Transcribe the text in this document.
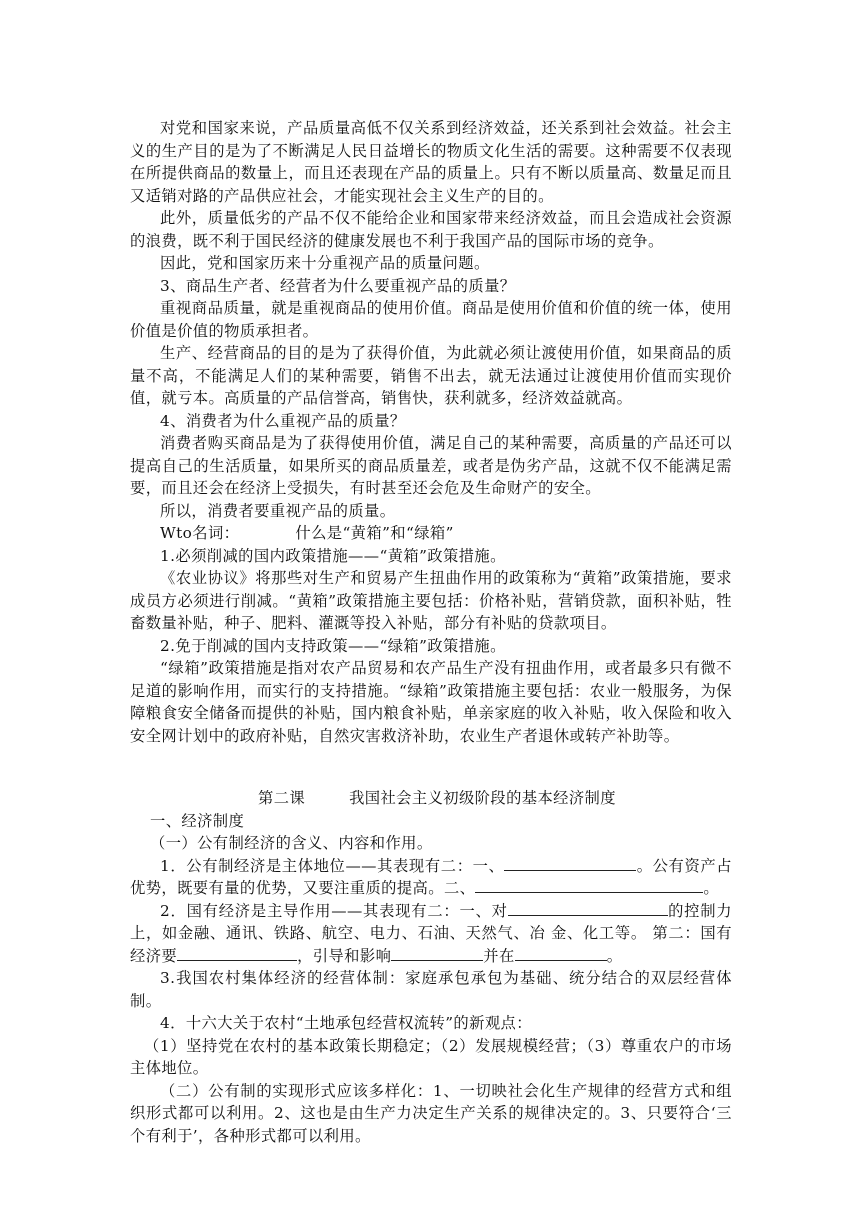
对党和国家来说，产品质量高低不仅关系到经济效益，还关系到社会效益。社会主义的生产目的是为了不断满足人民日益增长的物质文化生活的需要。这种需要不仅表现在所提供商品的数量上，而且还表现在产品的质量上。只有不断以质量高、数量足而且又适销对路的产品供应社会，才能实现社会主义生产的目的。

此外，质量低劣的产品不仅不能给企业和国家带来经济效益，而且会造成社会资源的浪费，既不利于国民经济的健康发展也不利于我国产品的国际市场的竞争。

因此，党和国家历来十分重视产品的质量问题。

3、商品生产者、经营者为什么要重视产品的质量？

重视商品质量，就是重视商品的使用价值。商品是使用价值和价值的统一体，使用价值是价值的物质承担者。

生产、经营商品的目的是为了获得价值，为此就必须让渡使用价值，如果商品的质量不高，不能满足人们的某种需要，销售不出去，就无法通过让渡使用价值而实现价值，就亏本。高质量的产品信誉高，销售快，获利就多，经济效益就高。

4、消费者为什么重视产品的质量？

消费者购买商品是为了获得使用价值，满足自己的某种需要，高质量的产品还可以提高自己的生活质量，如果所买的商品质量差，或者是伪劣产品，这就不仅不能满足需要，而且还会在经济上受损失，有时甚至还会危及生命财产的安全。

所以，消费者要重视产品的质量。

Wto名词：	什么是“黄箱”和“绿箱”

1.必须削减的国内政策措施——“黄箱”政策措施。

《农业协议》将那些对生产和贸易产生扭曲作用的政策称为“黄箱”政策措施，要求成员方必须进行削减。“黄箱”政策措施主要包括：价格补贴，营销贷款，面积补贴，牲畜数量补贴，种子、肥料、灌溉等投入补贴，部分有补贴的贷款项目。

2.免于削减的国内支持政策——“绿箱”政策措施。

“绿箱”政策措施是指对农产品贸易和农产品生产没有扭曲作用，或者最多只有微不足道的影响作用，而实行的支持措施。“绿箱”政策措施主要包括：农业一般服务，为保障粮食安全储备而提供的补贴，国内粮食补贴，单亲家庭的收入补贴，收入保险和收入安全网计划中的政府补贴，自然灾害救济补助，农业生产者退休或转产补助等。

第二课	我国社会主义初级阶段的基本经济制度

一、经济制度

（一）公有制经济的含义、内容和作用。

1．公有制经济是主体地位——其表现有二：一、	。公有资产占优势，既要有量的优势，又要注重质的提高。二、	。

2．国有经济是主导作用——其表现有二：一、对	的控制力上，如金融、通讯、铁路、航空、电力、石油、天然气、冶 金、化工等。 第二：国有经济要	，引导和影响	并在	。

3.我国农村集体经济的经营体制：家庭承包承包为基础、统分结合的双层经营体制。

4．十六大关于农村“土地承包经营权流转”的新观点：

（1）坚持党在农村的基本政策长期稳定；（2）发展规模经营；（3）尊重农户的市场主体地位。

（二）公有制的实现形式应该多样化：1、一切映社会化生产规律的经营方式和组织形式都可以利用。2、这也是由生产力决定生产关系的规律决定的。3、只要符合‘三个有利于’，各种形式都可以利用。
